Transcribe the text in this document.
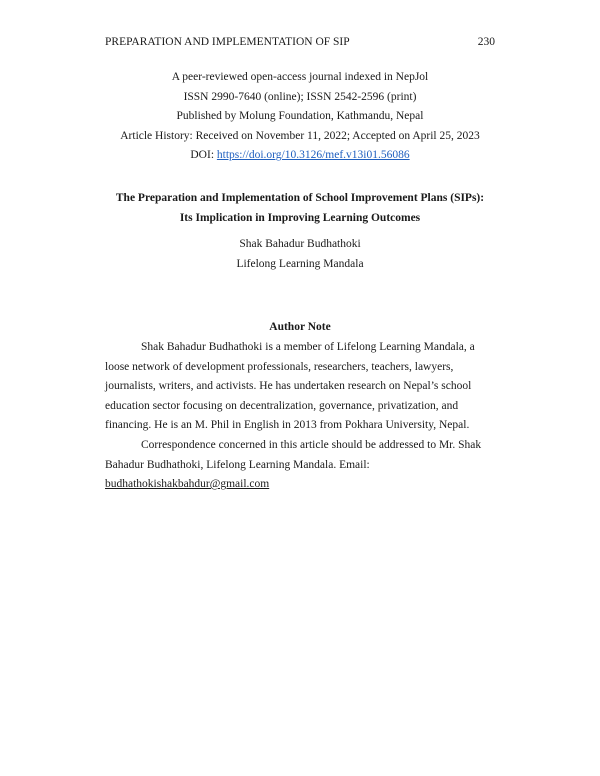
PREPARATION AND IMPLEMENTATION OF SIP	230
A peer-reviewed open-access journal indexed in NepJol
ISSN 2990-7640 (online); ISSN 2542-2596 (print)
Published by Molung Foundation, Kathmandu, Nepal
Article History: Received on November 11, 2022; Accepted on April 25, 2023
DOI: https://doi.org/10.3126/mef.v13i01.56086
The Preparation and Implementation of School Improvement Plans (SIPs):
Its Implication in Improving Learning Outcomes
Shak Bahadur Budhathoki
Lifelong Learning Mandala
Author Note
Shak Bahadur Budhathoki is a member of Lifelong Learning Mandala, a
loose network of development professionals, researchers, teachers, lawyers,
journalists, writers, and activists. He has undertaken research on Nepal’s school
education sector focusing on decentralization, governance, privatization, and
financing. He is an M. Phil in English in 2013 from Pokhara University, Nepal.
Correspondence concerned in this article should be addressed to Mr. Shak
Bahadur Budhathoki, Lifelong Learning Mandala. Email:
budhathokishakbahdur@gmail.com
